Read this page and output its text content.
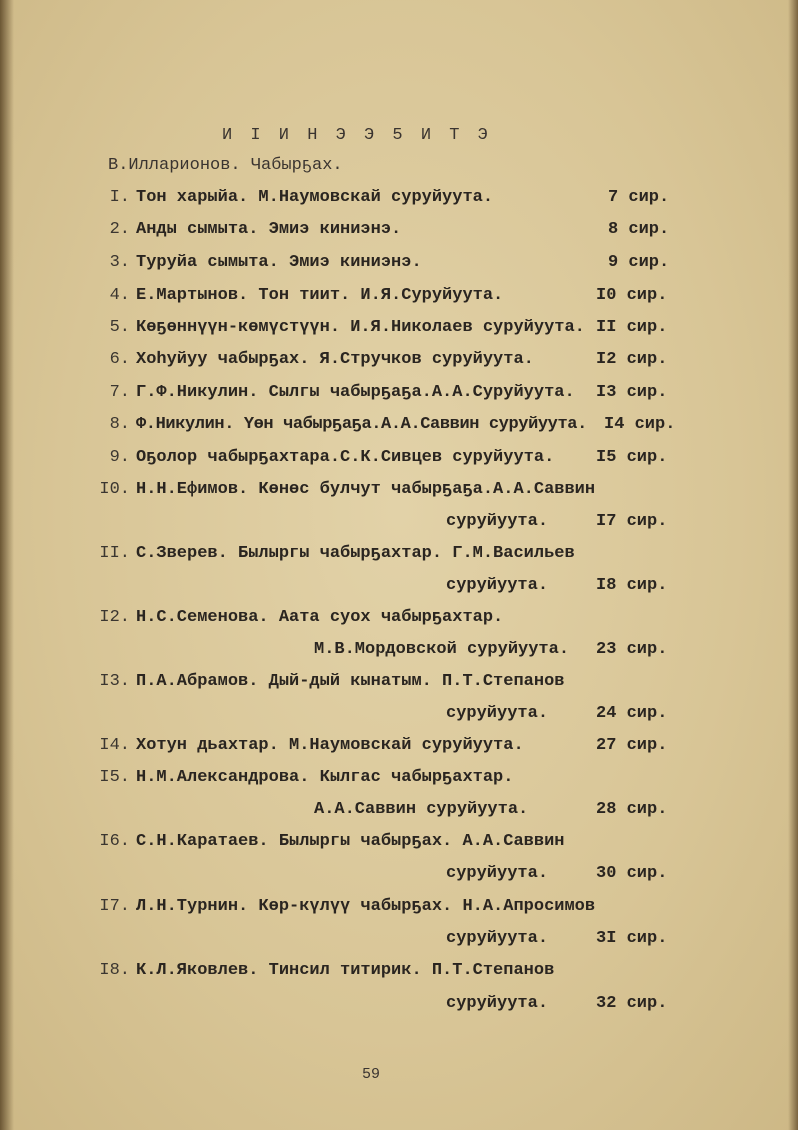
И І И Н Э Э 5 И Т Э
В.Илларионов. Чабырҕах.
I. Тон харыйа. М.Наумовскай суруйуута.	7 сир.
2. Анды сымыта. Эмиэ киниэнэ.	8 сир.
3. Туруйа сымыта. Эмиэ киниэнэ.	9 сир.
4. Е.Мартынов. Тон тиит. И.Я.Суруйуута.	I0 сир.
5. Көҕөннүүн-көмүстүүн. И.Я.Николаев суруйуута. II сир.
6. Хоһуйуу чабырҕах. Я.Стручков суруйуута.	I2 сир.
7. Г.Ф.Никулин. Сылгы чабырҕаҕа.А.А.Суруйуута. I3 сир.
8. Ф.Никулин. Үөн чабырҕаҕа.А.А.Саввин суруйуута. I4 сир.
9. Оҕолор чабырҕахтара.С.К.Сивцев суруйуута. I5 сир.
I0. Н.Н.Ефимов. Көнөс булчут чабырҕаҕа.А.А.Саввин
суруйуута.	I7 сир.
II. С.Зверев. Былыргы чабырҕахтар. Г.М.Васильев
суруйуута.	I8 сир.
I2. Н.С.Семенова. Аата суох чабырҕахтар.
М.В.Мордовской суруйуута. 23 сир.
I3. П.А.Абрамов. Дый-дый кынатым. П.Т.Степанов
суруйуута.	24 сир.
I4. Хотун дьахтар. М.Наумовскай суруйуута.	27 сир.
I5. Н.М.Александрова. Кылгас чабырҕахтар.
А.А.Саввин суруйуута.	28 сир.
I6. С.Н.Каратаев. Былыргы чабырҕах. А.А.Саввин
суруйуута.	30 сир.
I7. Л.Н.Турнин. Көр-күлүү чабырҕах. Н.А.Апросимов
суруйуута.	3I сир.
I8. К.Л.Яковлев. Тинсил титирик. П.Т.Степанов
суруйуута.	32 сир.
59
